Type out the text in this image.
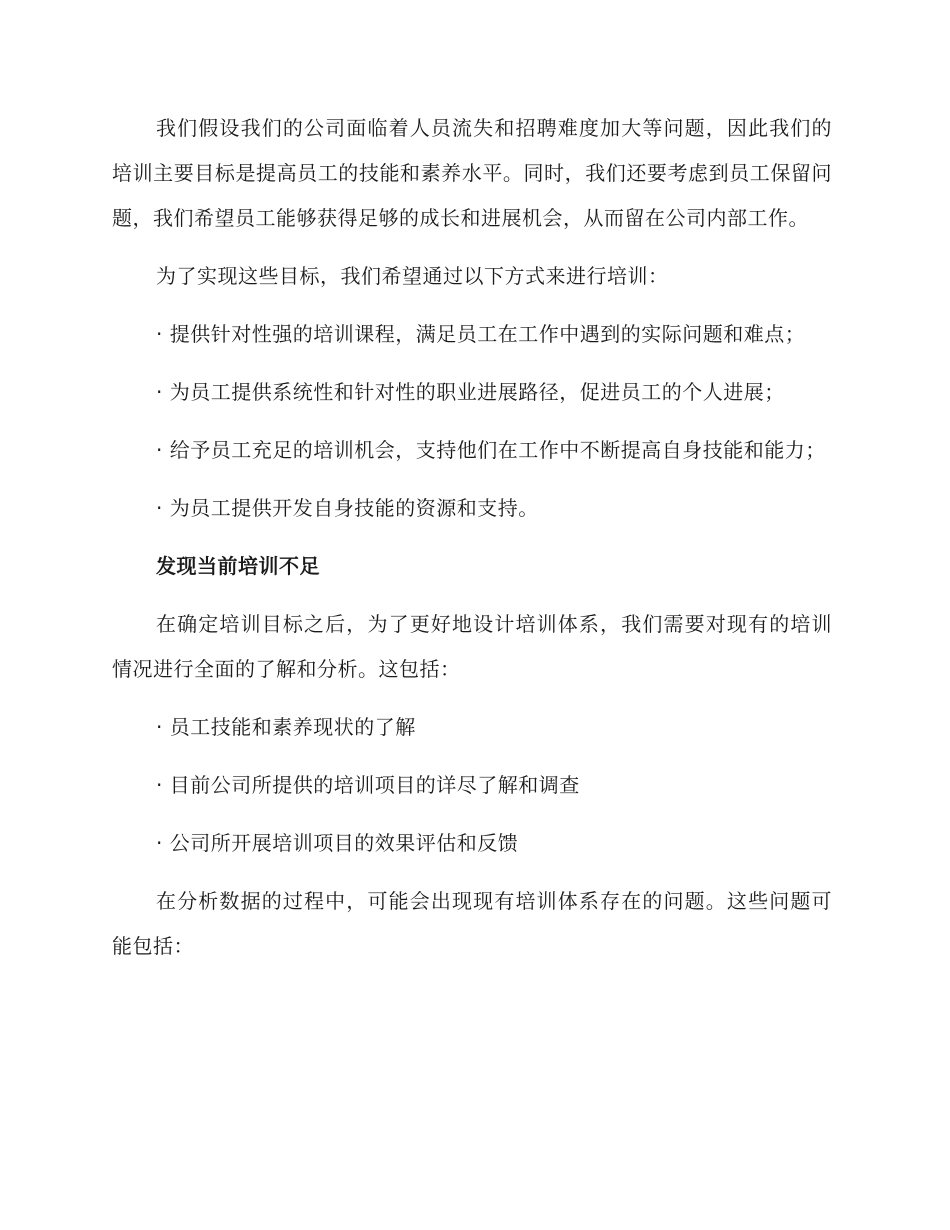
我们假设我们的公司面临着人员流失和招聘难度加大等问题，因此我们的培训主要目标是提高员工的技能和素养水平。同时，我们还要考虑到员工保留问题，我们希望员工能够获得足够的成长和进展机会，从而留在公司内部工作。

为了实现这些目标，我们希望通过以下方式来进行培训：

· 提供针对性强的培训课程，满足员工在工作中遇到的实际问题和难点；

· 为员工提供系统性和针对性的职业进展路径，促进员工的个人进展；

· 给予员工充足的培训机会，支持他们在工作中不断提高自身技能和能力；

· 为员工提供开发自身技能的资源和支持。

发现当前培训不足

在确定培训目标之后，为了更好地设计培训体系，我们需要对现有的培训情况进行全面的了解和分析。这包括：

· 员工技能和素养现状的了解

· 目前公司所提供的培训项目的详尽了解和调查

· 公司所开展培训项目的效果评估和反馈

在分析数据的过程中，可能会出现现有培训体系存在的问题。这些问题可能包括：
